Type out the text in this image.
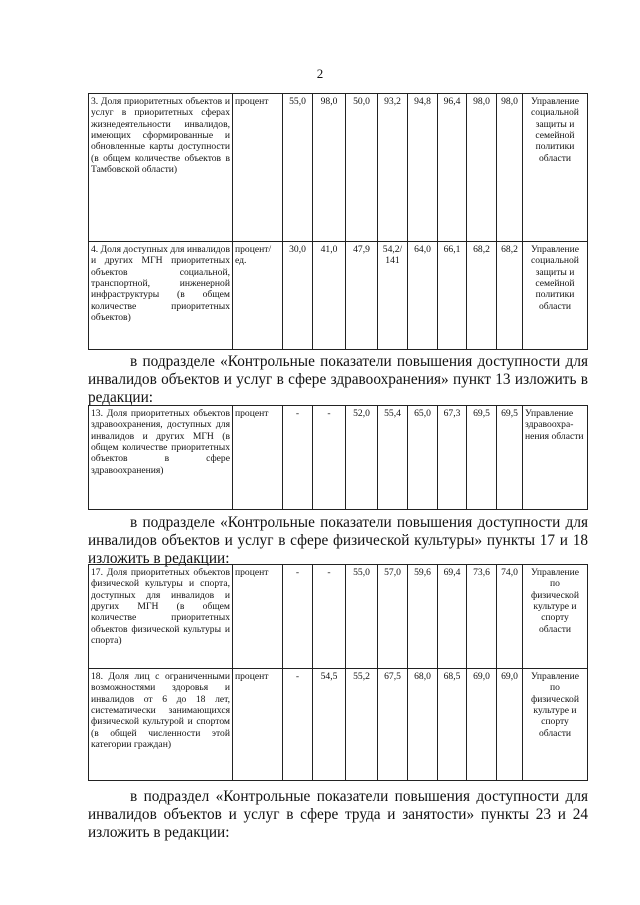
2
3. Доля приоритетных объектов и услуг в приоритетных сферах жизнедеятельности инвалидов, имеющих сформированные и обновленные карты доступности (в общем количестве объектов в Тамбовской области)	процент	55,0	98,0	50,0	93,2	94,8	96,4	98,0	98,0	Управление социальной защиты и семейной политики области
4. Доля доступных для инвалидов и других МГН приоритетных объектов социальной, транспортной, инженерной инфраструктуры (в общем количестве приоритетных объектов)	процент/ ед.	30,0	41,0	47,9	54,2/ 141	64,0	66,1	68,2	68,2	Управление социальной защиты и семейной политики области

в подразделе «Контрольные показатели повышения доступности для инвалидов объектов и услуг в сфере здравоохранения» пункт 13 изложить в редакции:

13. Доля приоритетных объектов здравоохранения, доступных для инвалидов и других МГН (в общем количестве приоритетных объектов в сфере здравоохранения)	процент	-	-	52,0	55,4	65,0	67,3	69,5	69,5	Управление здравоохра- нения области

в подразделе «Контрольные показатели повышения доступности для инвалидов объектов и услуг в сфере физической культуры» пункты 17 и 18 изложить в редакции:

17. Доля приоритетных объектов физической культуры и спорта, доступных для инвалидов и других МГН (в общем количестве приоритетных объектов физической культуры и спорта)	процент	-	-	55,0	57,0	59,6	69,4	73,6	74,0	Управление по физической культуре и спорту области
18. Доля лиц с ограниченными возможностями здоровья и инвалидов от 6 до 18 лет, систематически занимающихся физической культурой и спортом (в общей численности этой категории граждан)	процент	-	54,5	55,2	67,5	68,0	68,5	69,0	69,0	Управление по физической культуре и спорту области

в подраздел «Контрольные показатели повышения доступности для инвалидов объектов и услуг в сфере труда и занятости» пункты 23 и 24 изложить в редакции:
